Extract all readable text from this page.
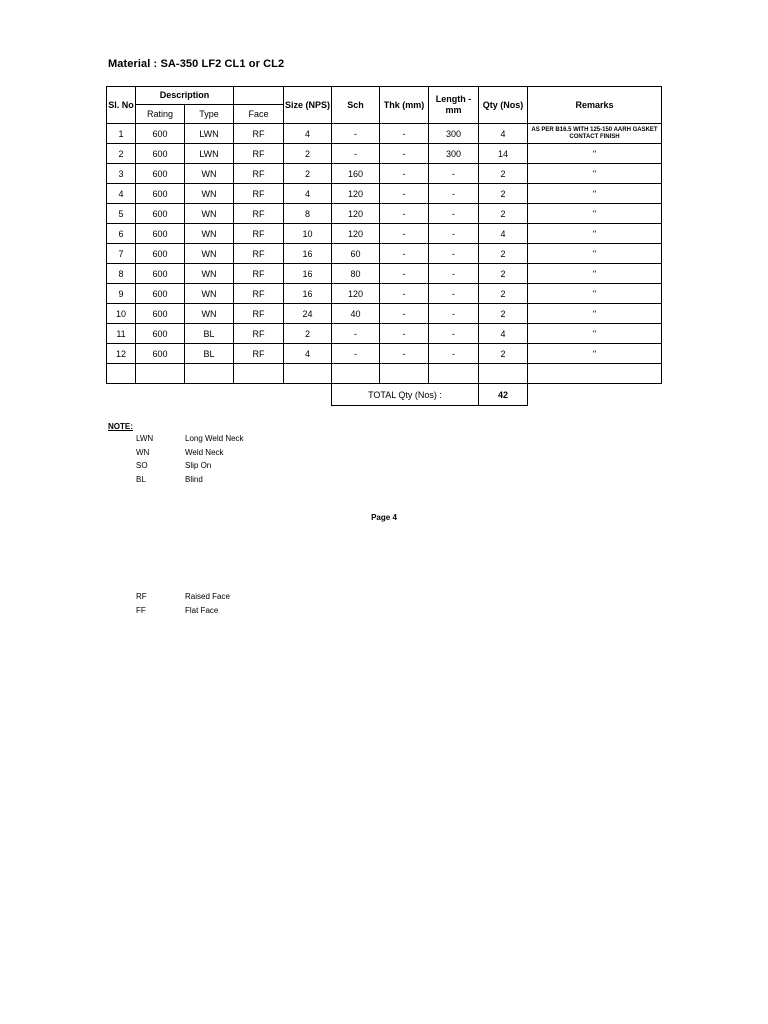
Material : SA-350 LF2 CL1 or CL2
Sl. No	Description			Size (NPS)	Sch	Thk (mm)	Length - mm	Qty (Nos)	Remarks
	Rating	Type	Face						
1	600	LWN	RF	4	-	-	300	4	AS PER B16.5 WITH 125-150 AARH GASKET CONTACT FINISH
2	600	LWN	RF	2	-	-	300	14	"
3	600	WN	RF	2	160	-	-	2	"
4	600	WN	RF	4	120	-	-	2	"
5	600	WN	RF	8	120	-	-	2	"
6	600	WN	RF	10	120	-	-	4	"
7	600	WN	RF	16	60	-	-	2	"
8	600	WN	RF	16	80	-	-	2	"
9	600	WN	RF	16	120	-	-	2	"
10	600	WN	RF	24	40	-	-	2	"
11	600	BL	RF	2	-	-	-	4	"
12	600	BL	RF	4	-	-	-	2	"

					TOTAL Qty (Nos) :			42	
NOTE:
LWN	Long Weld Neck
WN	Weld Neck
SO	Slip On
BL	Blind
Page 4
RF	Raised Face
FF	Flat Face
